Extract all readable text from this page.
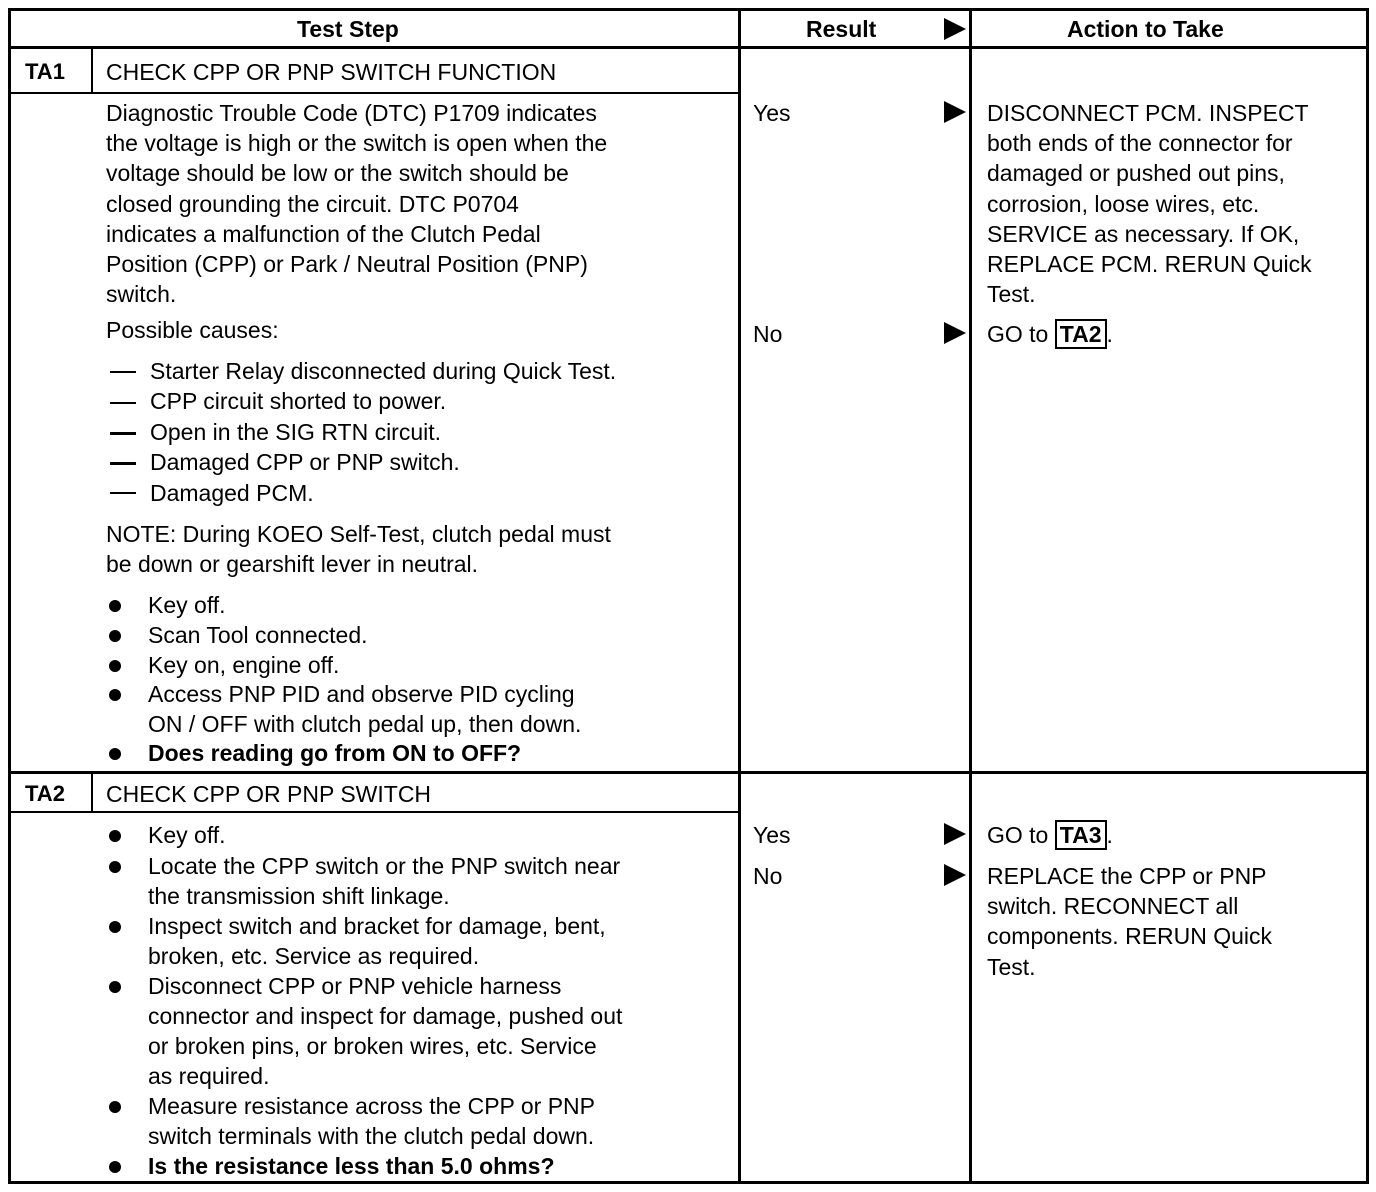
Test Step	Result	Action to Take
TA1 CHECK CPP OR PNP SWITCH FUNCTION
Diagnostic Trouble Code (DTC) P1709 indicates
the voltage is high or the switch is open when the
voltage should be low or the switch should be
closed grounding the circuit. DTC P0704
indicates a malfunction of the Clutch Pedal
Position (CPP) or Park / Neutral Position (PNP)
switch.
Possible causes:
Starter Relay disconnected during Quick Test.
CPP circuit shorted to power.
Open in the SIG RTN circuit.
Damaged CPP or PNP switch.
Damaged PCM.
NOTE: During KOEO Self-Test, clutch pedal must
be down or gearshift lever in neutral.
Key off.
Scan Tool connected.
Key on, engine off.
Access PNP PID and observe PID cycling
ON / OFF with clutch pedal up, then down.
Does reading go from ON to OFF?
Yes
No
DISCONNECT PCM. INSPECT
both ends of the connector for
damaged or pushed out pins,
corrosion, loose wires, etc.
SERVICE as necessary. If OK,
REPLACE PCM. RERUN Quick
Test.
GO to TA2 .
TA2 CHECK CPP OR PNP SWITCH
Key off.
Locate the CPP switch or the PNP switch near
the transmission shift linkage.
Inspect switch and bracket for damage, bent,
broken, etc. Service as required.
Disconnect CPP or PNP vehicle harness
connector and inspect for damage, pushed out
or broken pins, or broken wires, etc. Service
as required.
Measure resistance across the CPP or PNP
switch terminals with the clutch pedal down.
Is the resistance less than 5.0 ohms?
Yes
No
GO to TA3 .
REPLACE the CPP or PNP
switch. RECONNECT all
components. RERUN Quick
Test.
